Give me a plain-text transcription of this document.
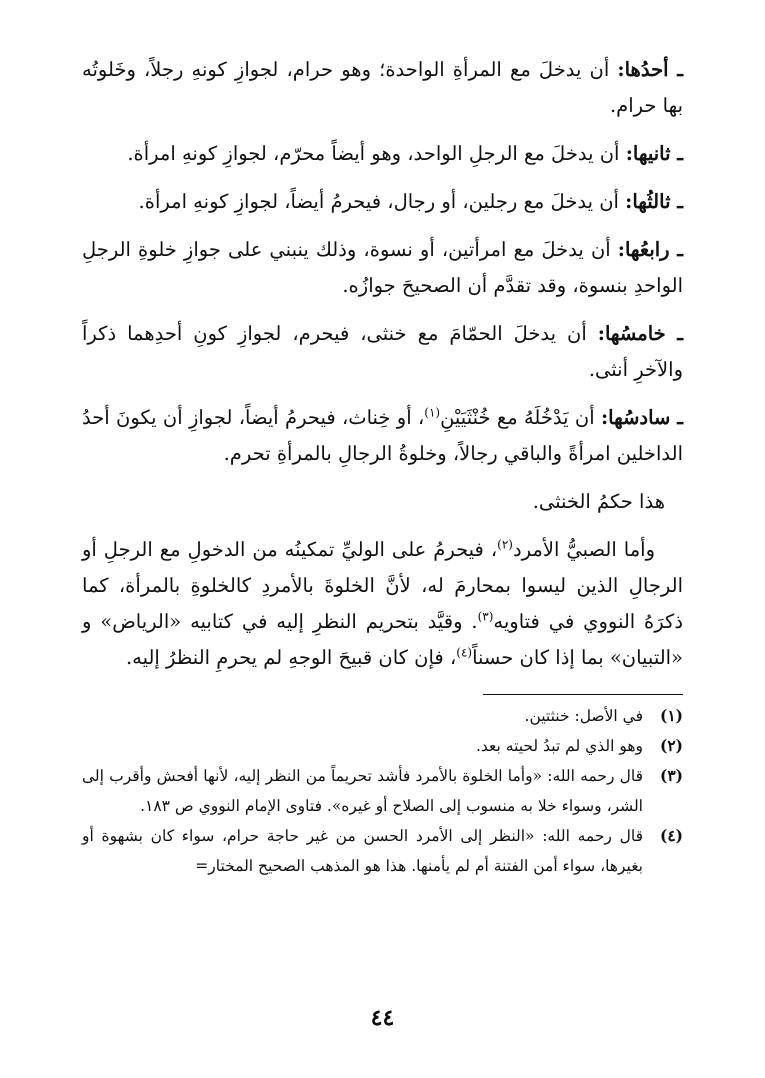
ـ أحدُها: أن يدخلَ مع المرأةِ الواحدة؛ وهو حرام، لجوازِ كونهِ رجلاً، وخَلوتُه بها حرام.

ـ ثانيها: أن يدخلَ مع الرجلِ الواحد، وهو أيضاً محرّم، لجوازِ كونهِ امرأة.

ـ ثالثُها: أن يدخلَ مع رجلين، أو رجال، فيحرمُ أيضاً، لجوازِ كونهِ امرأة.

ـ رابعُها: أن يدخلَ مع امرأتين، أو نسوة، وذلك ينبني على جوازِ خلوةِ الرجلِ الواحدِ بنسوة، وقد تقدَّم أن الصحيحَ جوازُه.

ـ خامسُها: أن يدخلَ الحمّامَ مع خنثى، فيحرم، لجوازِ كونِ أحدِهما ذكراً والآخرِ أنثى.

ـ سادسُها: أن يَدْخُلَهُ مع خُنْثَيَيْنِ$^{(١)}$، أو خِناث، فيحرمُ أيضاً، لجوازِ أن يكونَ أحدُ الداخلين امرأةً والباقي رجالاً، وخلوةُ الرجالِ بالمرأةِ تحرم.

هذا حكمُ الخنثى.

وأما الصبيُّ الأمرد$^{(٢)}$، فيحرمُ على الوليِّ تمكينُه من الدخولِ مع الرجلِ أو الرجالِ الذين ليسوا بمحارمَ له، لأنَّ الخلوةَ بالأمردِ كالخلوةِ بالمرأة، كما ذكرَهُ النووي في فتاويه$^{(٣)}$. وقيَّد بتحريم النظرِ إليه في كتابيه «الرياض» و «التبيان» بما إذا كان حسناً$^{(٤)}$، فإن كان قبيحَ الوجهِ لم يحرمِ النظرُ إليه.

(١)
في الأصل: خنثتين.
(٢)
وهو الذي لم تبدُ لحيته بعد.
(٣)
قال رحمه الله: «وأما الخلوة بالأمرد فأشد تحريماً من النظر إليه، لأنها أفحش وأقرب إلى الشر، وسواء خلا به منسوب إلى الصلاح أو غيره». فتاوى الإمام النووي ص ١٨٣.
(٤)
قال رحمه الله: «النظر إلى الأمرد الحسن من غير حاجة حرام، سواء كان بشهوة أو بغيرها، سواء أمن الفتنة أم لم يأمنها. هذا هو المذهب الصحيح المختار=
٤٤
